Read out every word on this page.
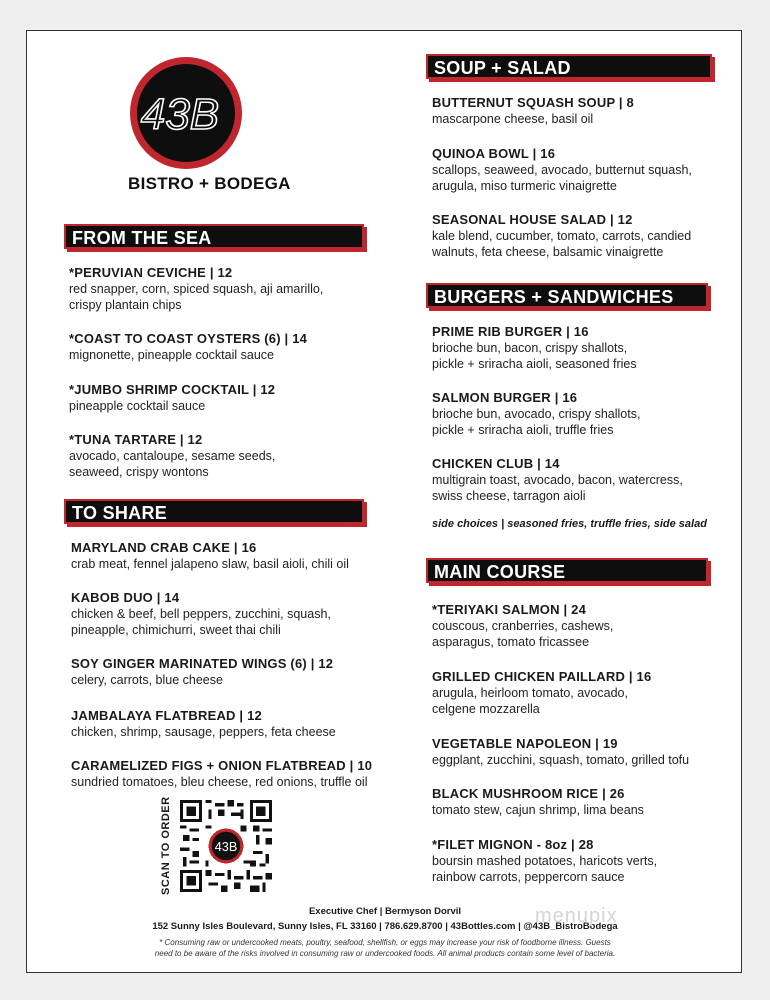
43B
BISTRO + BODEGA
FROM THE SEA
TO SHARE
SOUP + SALAD
BURGERS + SANDWICHES
MAIN COURSE
*PERUVIAN CEVICHE | 12
red snapper, corn, spiced squash, aji amarillo,
crispy plantain chips
*COAST TO COAST OYSTERS (6) | 14
mignonette, pineapple cocktail sauce
*JUMBO SHRIMP COCKTAIL | 12
pineapple cocktail sauce
*TUNA TARTARE | 12
avocado, cantaloupe, sesame seeds,
seaweed, crispy wontons
MARYLAND CRAB CAKE | 16
crab meat, fennel jalapeno slaw, basil aioli, chili oil
KABOB DUO | 14
chicken & beef, bell peppers, zucchini, squash,
pineapple, chimichurri, sweet thai chili
SOY GINGER MARINATED WINGS (6) | 12
celery, carrots, blue cheese
JAMBALAYA FLATBREAD | 12
chicken, shrimp, sausage, peppers, feta cheese
CARAMELIZED FIGS + ONION FLATBREAD | 10
sundried tomatoes, bleu cheese, red onions, truffle oil
BUTTERNUT SQUASH SOUP | 8
mascarpone cheese, basil oil
QUINOA BOWL | 16
scallops, seaweed, avocado, butternut squash,
arugula, miso turmeric vinaigrette
SEASONAL HOUSE SALAD | 12
kale blend, cucumber, tomato, carrots, candied
walnuts, feta cheese, balsamic vinaigrette
PRIME RIB BURGER | 16
brioche bun, bacon, crispy shallots,
pickle + sriracha aioli, seasoned fries
SALMON BURGER | 16
brioche bun, avocado, crispy shallots,
pickle + sriracha aioli, truffle fries
CHICKEN CLUB | 14
multigrain toast, avocado, bacon, watercress,
swiss cheese, tarragon aioli
side choices | seasoned fries, truffle fries, side salad
*TERIYAKI SALMON | 24
couscous, cranberries, cashews,
asparagus, tomato fricassee
GRILLED CHICKEN PAILLARD | 16
arugula, heirloom tomato, avocado,
celgene mozzarella
VEGETABLE NAPOLEON | 19
eggplant, zucchini, squash, tomato, grilled tofu
BLACK MUSHROOM RICE | 26
tomato stew, cajun shrimp, lima beans
*FILET MIGNON - 8oz | 28
boursin mashed potatoes, haricots verts,
rainbow carrots, peppercorn sauce
SCAN TO ORDER	43B
Executive Chef | Bermyson Dorvil
152 Sunny Isles Boulevard, Sunny Isles, FL 33160 | 786.629.8700 | 43Bottles.com | @43B_BistroBodega
* Consuming raw or undercooked meats, poultry, seafood, shellfish, or eggs may increase your risk of foodborne illness. Guests
need to be aware of the risks involved in consuming raw or undercooked foods. All animal products contain some level of bacteria.
menupix
